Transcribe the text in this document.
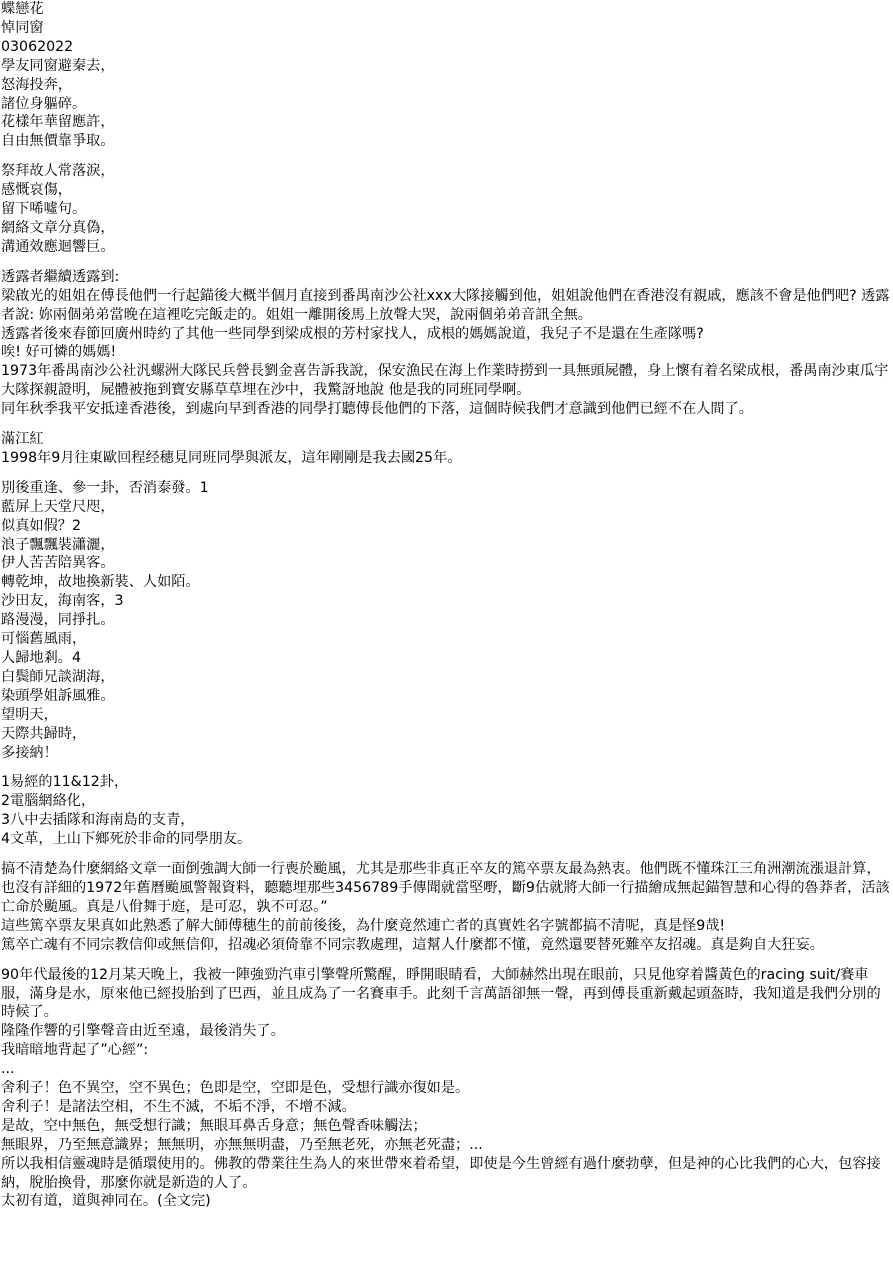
蝶戀花
悼同窗
03062022
學友同窗避秦去，
怒海投奔，
諸位身軀碎。
花樣年華留應許，
自由無價靠爭取。
祭拜故人常落淚，
感慨哀傷，
留下唏噓句。
網絡文章分真偽，
溝通效應迴響巨。
透露者繼續透露到:
梁啟光的姐姐在傅長他們一行起錨後大概半個月直接到番禺南沙公社xxx大隊接觸到他，姐姐說他們在香港沒有親戚，應該不會是他們吧? 透露者說: 妳兩個弟弟當晚在這裡吃完飯走的。姐姐一離開後馬上放聲大哭，說兩個弟弟音訊全無。
透露者後來春節回廣州時約了其他一些同學到梁成根的芳村家找人，成根的媽媽說道，我兒子不是還在生產隊嗎?
唉! 好可憐的媽媽!
1973年番禺南沙公社汎螺洲大隊民兵營長劉金喜告訴我說，保安漁民在海上作業時撈到一具無頭屍體，身上懷有着名梁成根，番禺南沙東瓜宇大隊探親證明，屍體被拖到寶安縣草草埋在沙中，我驚訝地說 他是我的同班同學啊。
同年秋季我平安抵達香港後，到處向早到香港的同學打聽傅長他們的下落，這個時候我們才意識到他們已經不在人間了。
滿江紅
1998年9月往東歐回程经穗見同班同學與派友，這年剛剛是我去國25年。
別後重逢、參一卦，否消泰發。1
藍屏上天堂尺咫，
似真如假？2
浪子飄飄裝瀟灑，
伊人苦苦陪異客。
轉乾坤，故地換新裝、人如陌。
沙田友，海南客，3
路漫漫，同掙扎。
可惱舊風雨，
人歸地剎。4
白鬓師兄談湖海，
染頭學姐訴風雅。
望明天，
天際共歸時，
多接納！
1易經的11&12卦，
2電腦網絡化，
3八中去插隊和海南島的支青，
4文革，上山下鄉死於非命的同學朋友。
搞不清楚為什麼網絡文章一面倒強調大師一行喪於颱風，尤其是那些非真正卒友的篤卒票友最為熱衷。他們既不懂珠江三角洲潮流漲退計算，也沒有詳細的1972年舊曆颱風警報資料，聽聽埋那些3456789手傳聞就當堅嘢，斷9估就將大師一行描繪成無起錨智慧和心得的魯莽者，活該亡命於颱風。真是八佾舞于庭，是可忍，孰不可忍。”
這些篤卒票友果真如此熟悉了解大師傅穗生的前前後後，為什麼竟然連亡者的真實姓名字號都搞不清呢，真是怪9哉!
篤卒亡魂有不同宗教信仰或無信仰，招魂必須倚靠不同宗教處理，這幫人什麼都不懂，竟然還要替死難卒友招魂。真是夠自大狂妄。
90年代最後的12月某天晚上，我被一陣強勁汽車引擎聲所驚醒，睜開眼睛看，大師赫然出現在眼前，只見他穿着醬黃色的racing suit/賽車服，滿身是水，原來他已經投胎到了巴西，並且成為了一名賽車手。此刻千言萬語卻無一聲，再到傅長重新戴起頭盔時，我知道是我們分別的時候了。
隆隆作響的引擎聲音由近至遠，最後消失了。
我暗暗地背起了”心經”:
...
舍利子！色不異空，空不異色；色即是空，空即是色，受想行識亦復如是。
舍利子！是諸法空相，不生不滅，不垢不淨，不增不減。
是故，空中無色，無受想行識；無眼耳鼻舌身意；無色聲香味觸法；
無眼界，乃至無意識界；無無明，亦無無明盡，乃至無老死，亦無老死盡；...
所以我相信靈魂時是循環使用的。佛教的帶業往生為人的來世帶來着希望，即使是今生曾經有過什麼勃孽，但是神的心比我們的心大，包容接納，脫胎換骨，那麼你就是新造的人了。
太初有道，道與神同在。(全文完)
